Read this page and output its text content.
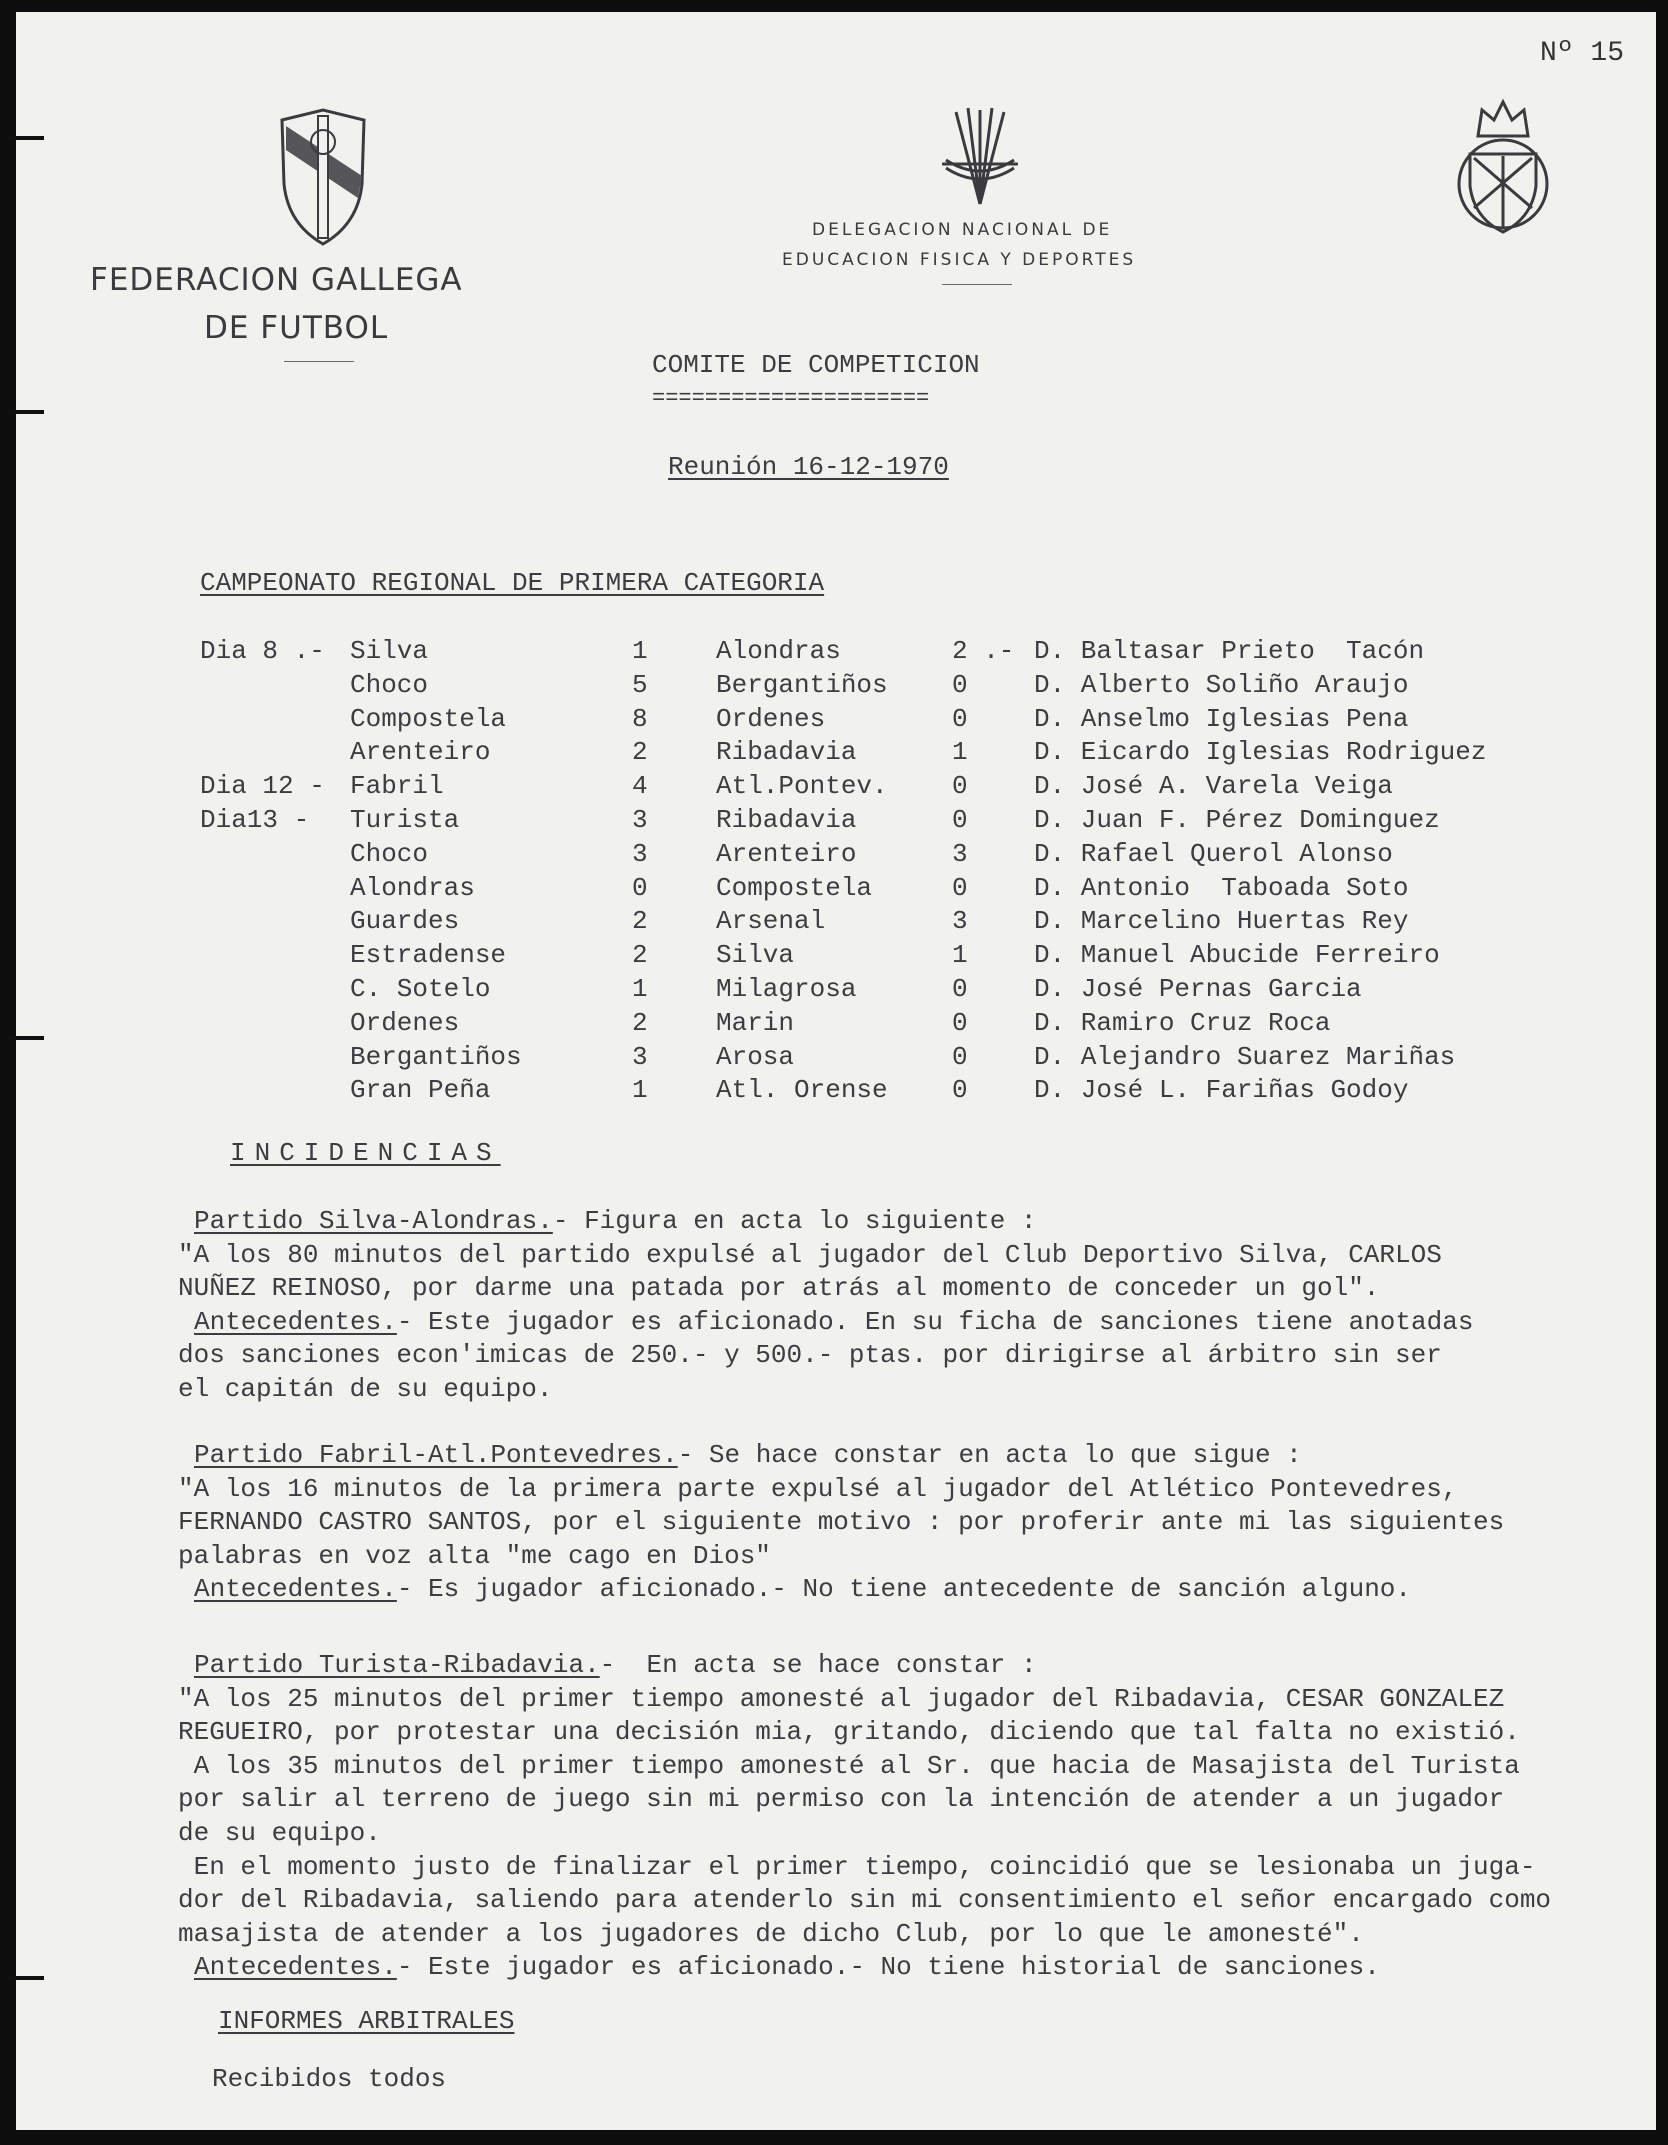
Nº 15
FEDERACION GALLEGA
DE FUTBOL
DELEGACION NACIONAL DE
EDUCACION FISICA Y DEPORTES
COMITE DE COMPETICION
=====================
Reunión 16-12-1970
CAMPEONATO REGIONAL DE PRIMERA CATEGORIA
Dia 8 .- Silva	1	Alondras	2 .- D. Baltasar Prieto  Tacón
Choco	5	Bergantiños 0	D. Alberto Soliño Araujo
Compostela	8	Ordenes	0	D. Anselmo Iglesias Pena
Arenteiro	2	Ribadavia	1	D. Eicardo Iglesias Rodriguez
Dia 12 - Fabril	4	Atl.Pontev. 0	D. José A. Varela Veiga
Dia13 - Turista	3	Ribadavia	0	D. Juan F. Pérez Dominguez
Choco	3	Arenteiro	3	D. Rafael Querol Alonso
Alondras	0	Compostela	0	D. Antonio  Taboada Soto
Guardes	2	Arsenal	3	D. Marcelino Huertas Rey
Estradense	2	Silva	1	D. Manuel Abucide Ferreiro
C. Sotelo	1	Milagrosa	0	D. José Pernas Garcia
Ordenes	2	Marin	0	D. Ramiro Cruz Roca
Bergantiños	3	Arosa	0	D. Alejandro Suarez Mariñas
Gran Peña	1	Atl. Orense 0	D. José L. Fariñas Godoy
INCIDENCIAS
Partido Silva-Alondras.- Figura en acta lo siguiente :
"A los 80 minutos del partido expulsé al jugador del Club Deportivo Silva, CARLOS
NUÑEZ REINOSO, por darme una patada por atrás al momento de conceder un gol".
Antecedentes.- Este jugador es aficionado. En su ficha de sanciones tiene anotadas
dos sanciones econ'imicas de 250.- y 500.- ptas. por dirigirse al árbitro sin ser
el capitán de su equipo.
Partido Fabril-Atl.Pontevedres.- Se hace constar en acta lo que sigue :
"A los 16 minutos de la primera parte expulsé al jugador del Atlético Pontevedres,
FERNANDO CASTRO SANTOS, por el siguiente motivo : por proferir ante mi las siguientes
palabras en voz alta "me cago en Dios"
Antecedentes.- Es jugador aficionado.- No tiene antecedente de sanción alguno.
Partido Turista-Ribadavia.-  En acta se hace constar :
"A los 25 minutos del primer tiempo amonesté al jugador del Ribadavia, CESAR GONZALEZ
REGUEIRO, por protestar una decisión mia, gritando, diciendo que tal falta no existió.
A los 35 minutos del primer tiempo amonesté al Sr. que hacia de Masajista del Turista
por salir al terreno de juego sin mi permiso con la intención de atender a un jugador
de su equipo.
En el momento justo de finalizar el primer tiempo, coincidió que se lesionaba un juga-
dor del Ribadavia, saliendo para atenderlo sin mi consentimiento el señor encargado como
masajista de atender a los jugadores de dicho Club, por lo que le amonesté".
Antecedentes.- Este jugador es aficionado.- No tiene historial de sanciones.
INFORMES ARBITRALES
Recibidos todos
